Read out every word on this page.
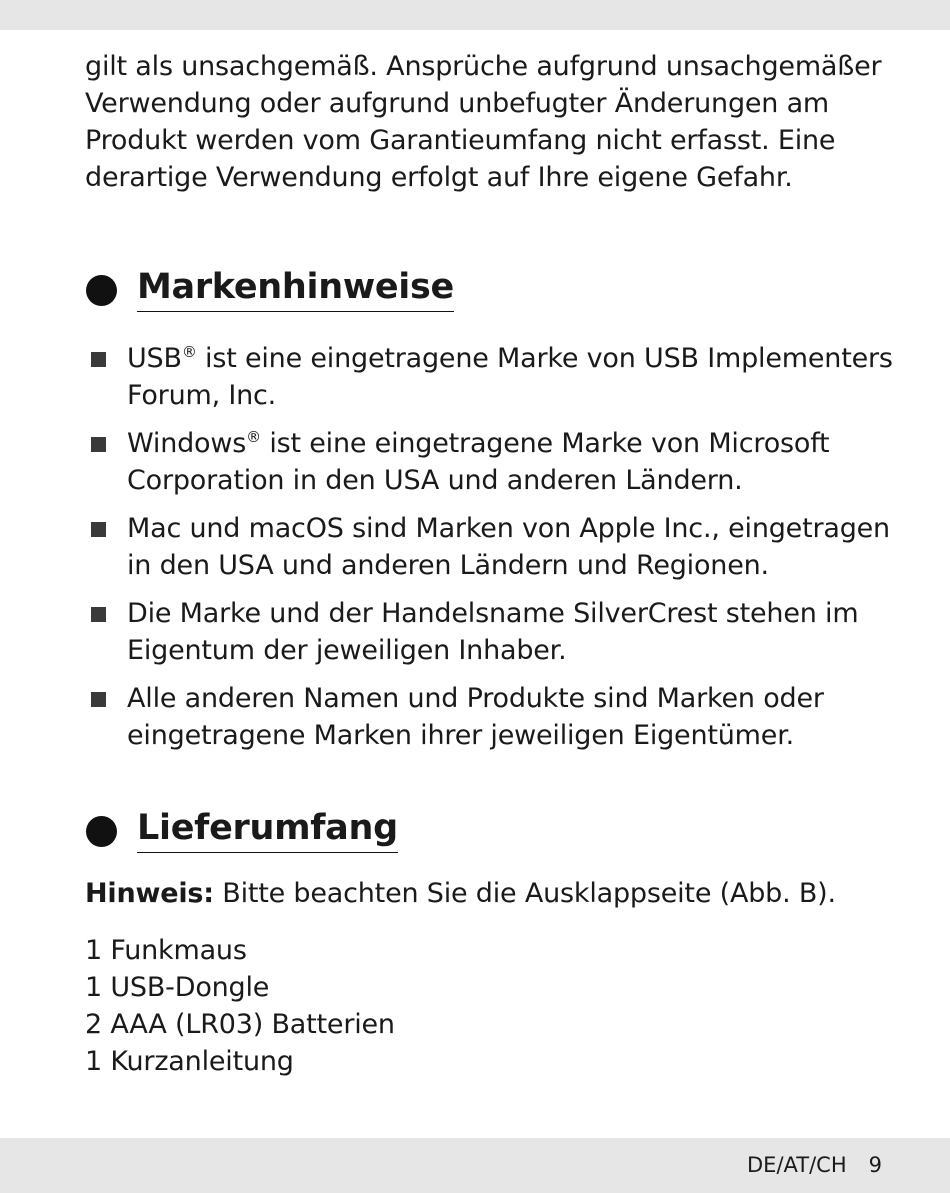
gilt als unsachgemäß. Ansprüche aufgrund unsachgemäßer
Verwendung oder aufgrund unbefugter Änderungen am
Produkt werden vom Garantieumfang nicht erfasst. Eine
derartige Verwendung erfolgt auf Ihre eigene Gefahr.
Markenhinweise
USB® ist eine eingetragene Marke von USB Implementers Forum, Inc.
Windows® ist eine eingetragene Marke von Microsoft Corporation in den USA und anderen Ländern.
Mac und macOS sind Marken von Apple Inc., eingetragen in den USA und anderen Ländern und Regionen.
Die Marke und der Handelsname SilverCrest stehen im Eigentum der jeweiligen Inhaber.
Alle anderen Namen und Produkte sind Marken oder eingetragene Marken ihrer jeweiligen Eigentümer.
Lieferumfang
Hinweis: Bitte beachten Sie die Ausklappseite (Abb. B).
1 Funkmaus
1 USB-Dongle
2 AAA (LR03) Batterien
1 Kurzanleitung
DE/AT/CH 9
